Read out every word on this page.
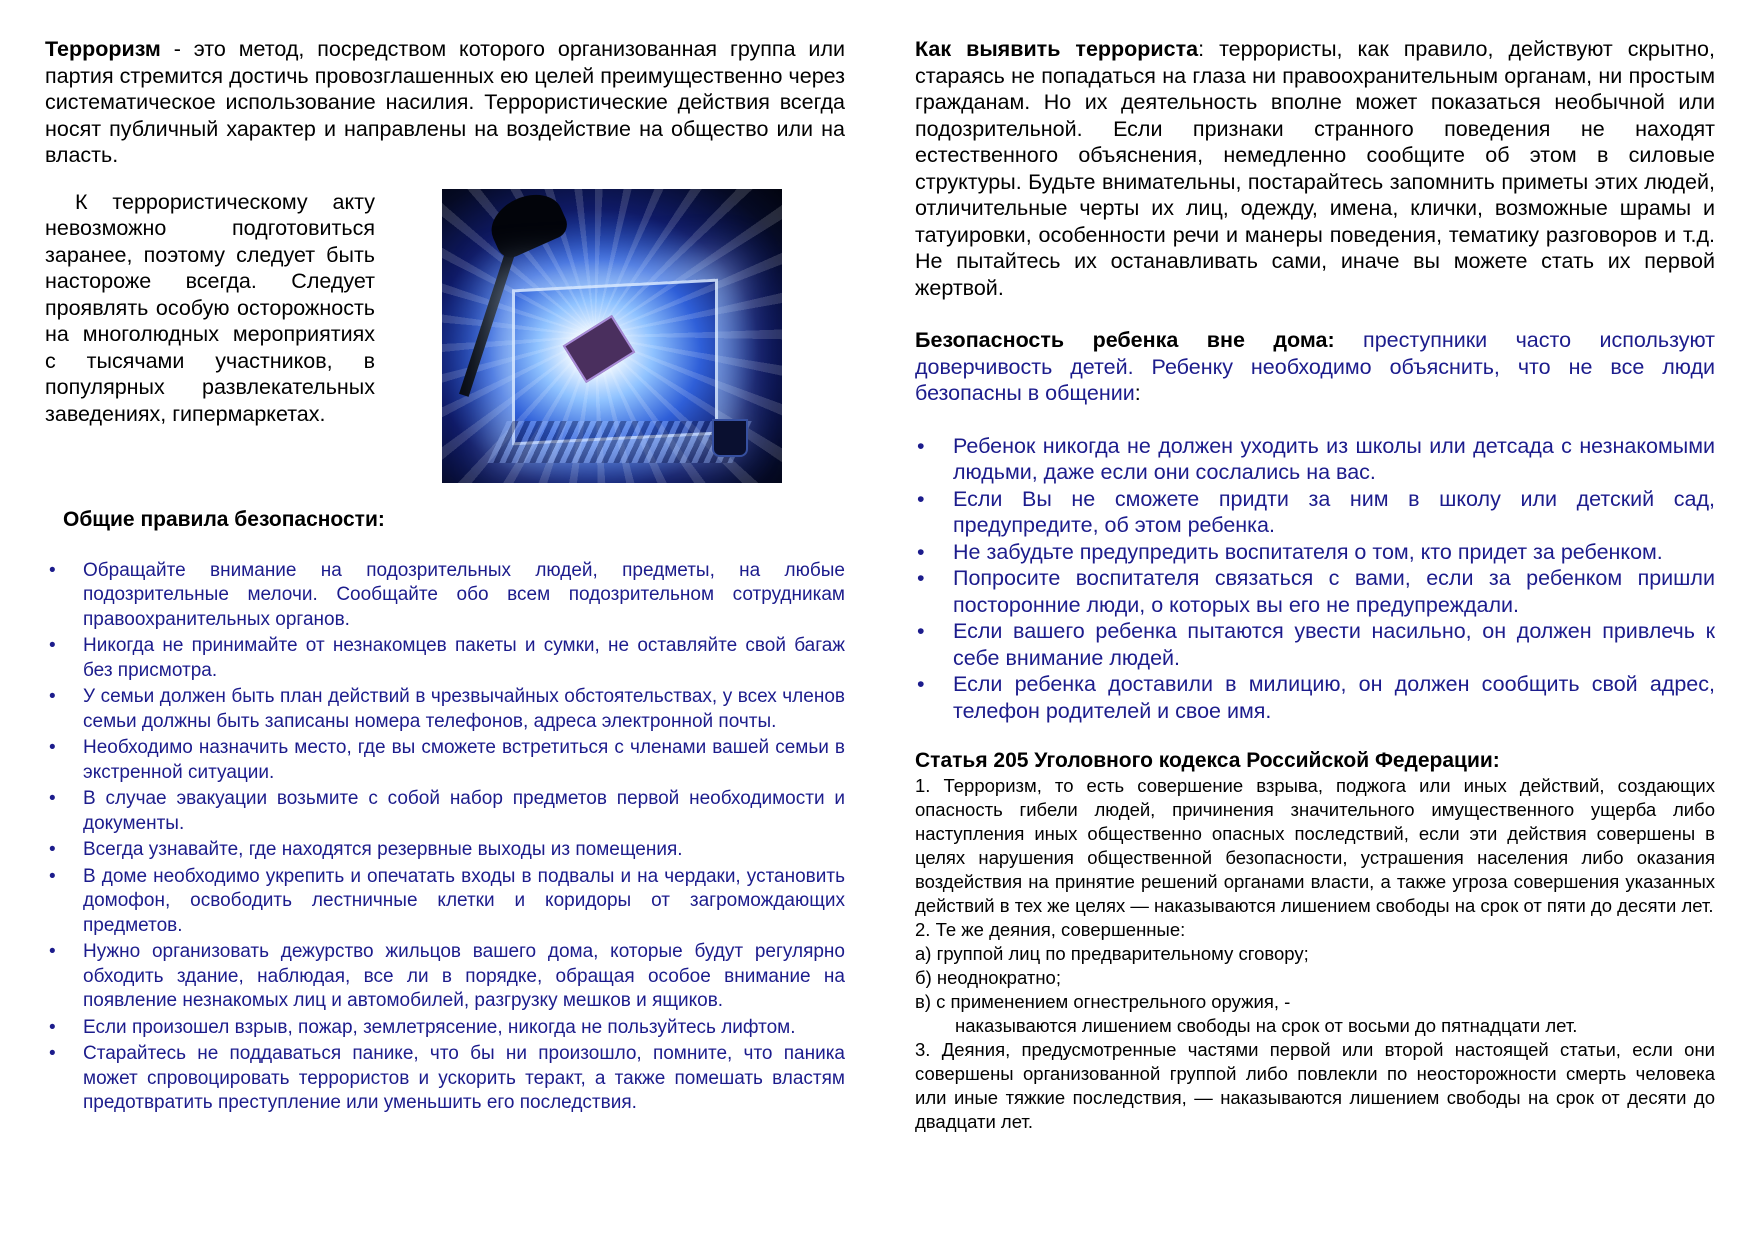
Терроризм - это метод, посредством которого организованная группа или партия стремится достичь провозглашенных ею целей преимущественно через систематическое использование насилия. Террористические действия всегда носят публичный характер и направлены на воздействие на общество или на власть.

К террористическому акту невозможно подготовиться заранее, поэтому следует быть настороже всегда. Следует проявлять особую осторожность на многолюдных мероприятиях с тысячами участников, в популярных развлекательных заведениях, гипермаркетах.

Общие правила безопасности:

• Обращайте внимание на подозрительных людей, предметы, на любые подозрительные мелочи. Сообщайте обо всем подозрительном сотрудникам правоохранительных органов.
• Никогда не принимайте от незнакомцев пакеты и сумки, не оставляйте свой багаж без присмотра.
• У семьи должен быть план действий в чрезвычайных обстоятельствах, у всех членов семьи должны быть записаны номера телефонов, адреса электронной почты.
• Необходимо назначить место, где вы сможете встретиться с членами вашей семьи в экстренной ситуации.
• В случае эвакуации возьмите с собой набор предметов первой необходимости и документы.
• Всегда узнавайте, где находятся резервные выходы из помещения.
• В доме необходимо укрепить и опечатать входы в подвалы и на чердаки, установить домофон, освободить лестничные клетки и коридоры от загромождающих предметов.
• Нужно организовать дежурство жильцов вашего дома, которые будут регулярно обходить здание, наблюдая, все ли в порядке, обращая особое внимание на появление незнакомых лиц и автомобилей, разгрузку мешков и ящиков.
• Если произошел взрыв, пожар, землетрясение, никогда не пользуйтесь лифтом.
• Старайтесь не поддаваться панике, что бы ни произошло, помните, что паника может спровоцировать террористов и ускорить теракт, а также помешать властям предотвратить преступление или уменьшить его последствия.

Как выявить террориста: террористы, как правило, действуют скрытно, стараясь не попадаться на глаза ни правоохранительным органам, ни простым гражданам. Но их деятельность вполне может показаться необычной или подозрительной. Если признаки странного поведения не находят естественного объяснения, немедленно сообщите об этом в силовые структуры. Будьте внимательны, постарайтесь запомнить приметы этих людей, отличительные черты их лиц, одежду, имена, клички, возможные шрамы и татуировки, особенности речи и манеры поведения, тематику разговоров и т.д. Не пытайтесь их останавливать сами, иначе вы можете стать их первой жертвой.

Безопасность ребенка вне дома: преступники часто используют доверчивость детей. Ребенку необходимо объяснить, что не все люди безопасны в общении:

• Ребенок никогда не должен уходить из школы или детсада с незнакомыми людьми, даже если они сослались на вас.
• Если Вы не сможете придти за ним в школу или детский сад, предупредите, об этом ребенка.
• Не забудьте предупредить воспитателя о том, кто придет за ребенком.
• Попросите воспитателя связаться с вами, если за ребенком пришли посторонние люди, о которых вы его не предупреждали.
• Если вашего ребенка пытаются увести насильно, он должен привлечь к себе внимание людей.
• Если ребенка доставили в милицию, он должен сообщить свой адрес, телефон родителей и свое имя.

Статья 205 Уголовного кодекса Российской Федерации:

1. Терроризм, то есть совершение взрыва, поджога или иных действий, создающих опасность гибели людей, причинения значительного имущественного ущерба либо наступления иных общественно опасных последствий, если эти действия совершены в целях нарушения общественной безопасности, устрашения населения либо оказания воздействия на принятие решений органами власти, а также угроза совершения указанных действий в тех же целях — наказываются лишением свободы на срок от пяти до десяти лет.

2. Те же деяния, совершенные:

а) группой лиц по предварительному сговору;

б) неоднократно;

в) с применением огнестрельного оружия, -

наказываются лишением свободы на срок от восьми до пятнадцати лет.

3. Деяния, предусмотренные частями первой или второй настоящей статьи, если они совершены организованной группой либо повлекли по неосторожности смерть человека или иные тяжкие последствия, — наказываются лишением свободы на срок от десяти до двадцати лет.
